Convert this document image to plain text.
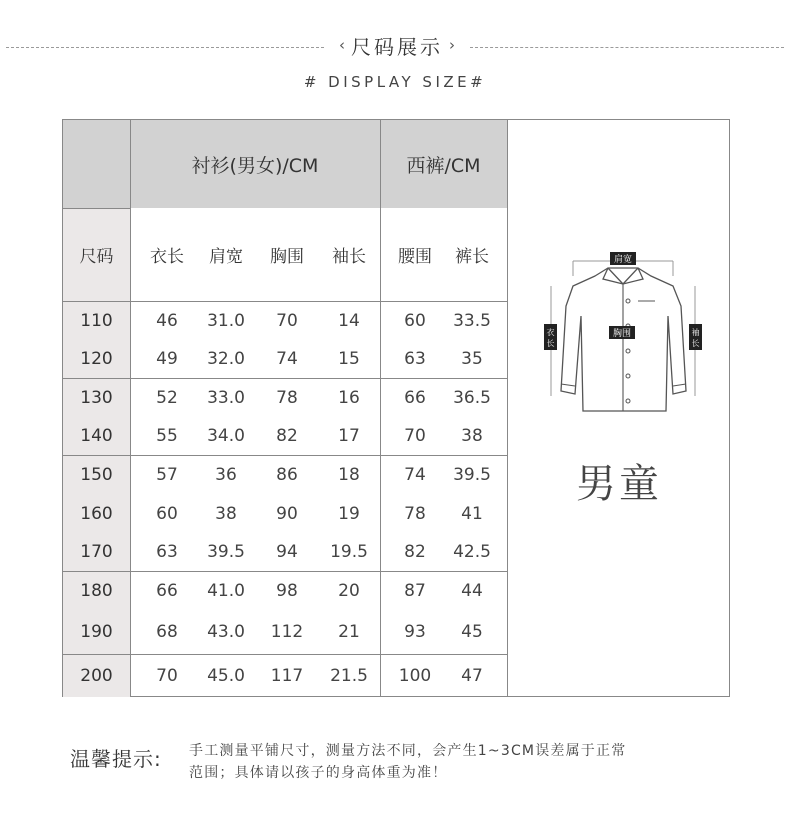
‹ 尺码展示 ›
# DISPLAY SIZE#
衬衫(男女)/CM	西裤/CM
尺码	衣长	肩宽	胸围	袖长	腰围	裤长
110	46	31.0	70	14	60	33.5
120	49	32.0	74	15	63	35
130	52	33.0	78	16	66	36.5
140	55	34.0	82	17	70	38
150	57	36	86	18	74	39.5
160	60	38	90	19	78	41
170	63	39.5	94	19.5	82	42.5
180	66	41.0	98	20	87	44
190	68	43.0	112	21	93	45
200	70	45.0	117	21.5	100	47
肩宽
衣
长
胸围	袖
长
男童
温馨提示: 手工测量平铺尺寸，测量方法不同，会产生1~3CM误差属于正常
范围；具体请以孩子的身高体重为准！
